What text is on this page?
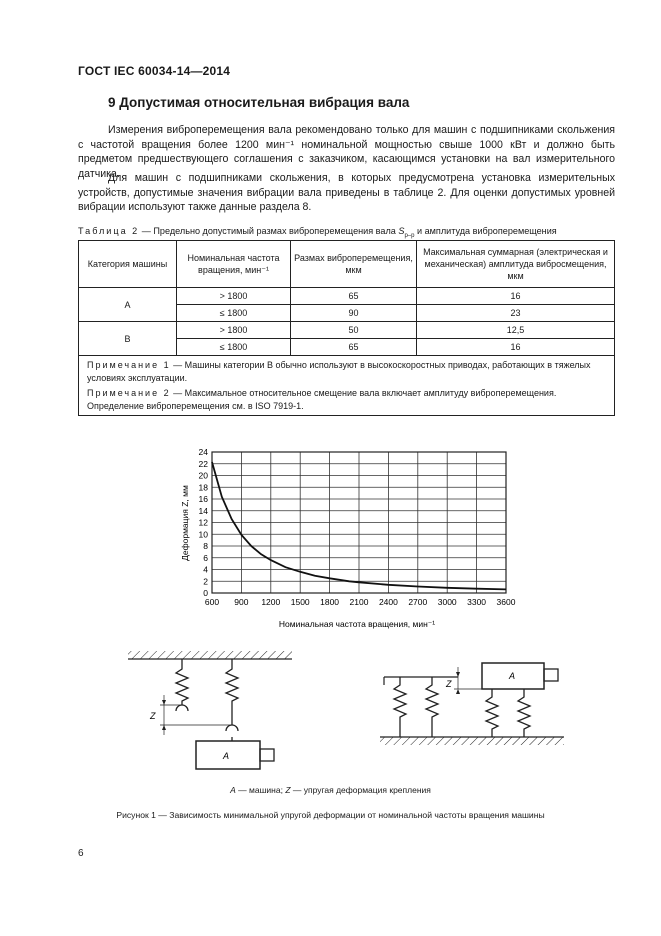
ГОСТ IEC 60034-14—2014
9 Допустимая относительная вибрация вала
Измерения виброперемещения вала рекомендовано только для машин с подшипниками скольжения с частотой вращения более 1200 мин⁻¹ номинальной мощностью свыше 1000 кВт и должно быть предметом предшествующего соглашения с заказчиком, касающимся установки на вал измерительного датчика.
Для машин с подшипниками скольжения, в которых предусмотрена установка измерительных устройств, допустимые значения вибрации вала приведены в таблице 2. Для оценки допустимых уровней вибрации используют также данные раздела 8.
Таблица 2 — Предельно допустимый размах виброперемещения вала $S_{p-p}$ и амплитуда виброперемещения
Категория машины	Номинальная частота вращения, мин⁻¹	Размах виброперемещения, мкм	Максимальная суммарная (электрическая и механическая) амплитуда вибросмещения, мкм
A	> 1800	65	16
	≤ 1800	90	23
B	> 1800	50	12,5
	≤ 1800	65	16

Примечание 1 — Машины категории B обычно используют в высокоскоростных приводах, работающих в тяжелых условиях эксплуатации.
Примечание 2 — Максимальное относительное смещение вала включает амплитуду виброперемещения. Определение виброперемещения см. в ISO 7919-1.			
600 900 1200 1500 1800 2100 2400 2700 3000 3300 3600
0
2
4
6
8
10
12
14
16
18
20
22
24
Номинальная частота вращения, мин⁻¹
Деформация Z, мм
Z
A
Z
A
A — машина; Z — упругая деформация крепления
Рисунок 1 — Зависимость минимальной упругой деформации от номинальной частоты вращения машины
6
